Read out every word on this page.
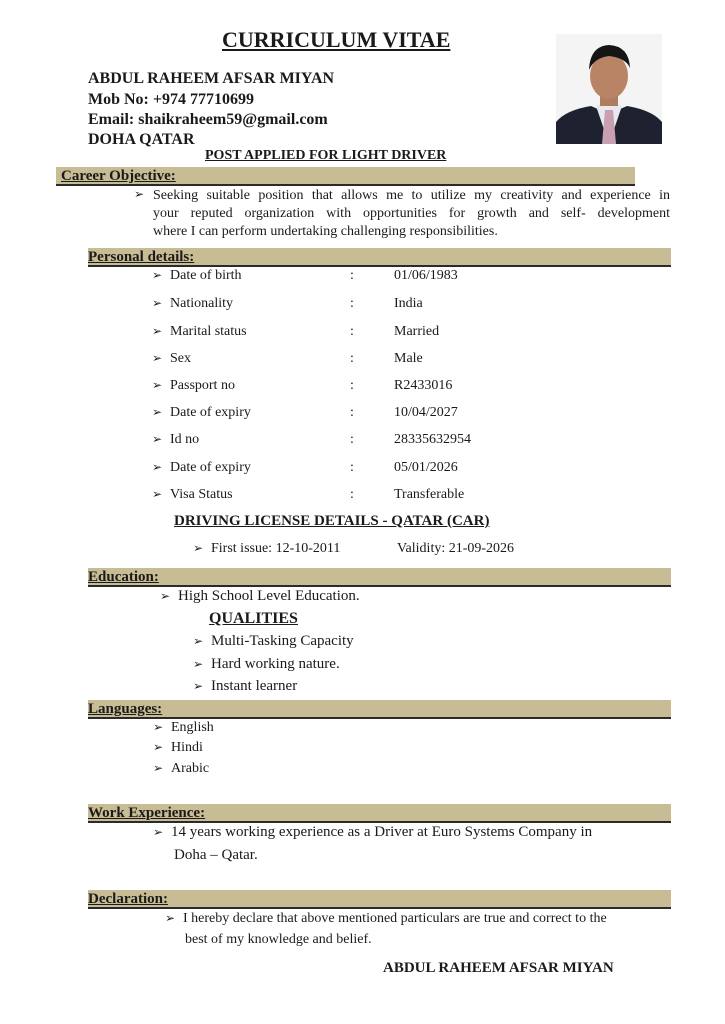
CURRICULUM VITAE
ABDUL RAHEEM AFSAR MIYAN
Mob No: +974 77710699
Email: shaikraheem59@gmail.com
DOHA QATAR
POST APPLIED FOR LIGHT DRIVER
Career Objective:
➢ Seeking suitable position that allows me to utilize my creativity and experience in
your reputed organization with opportunities for growth and self- development
where I can perform undertaking challenging responsibilities.
Personal details:
➢ Date of birth	:	01/06/1983
➢ Nationality	:	India
➢ Marital status	:	Married
➢ Sex	:	Male
➢ Passport no	:	R2433016
➢ Date of expiry	:	10/04/2027
➢ Id no	:	28335632954
➢ Date of expiry	:	05/01/2026
➢ Visa Status	:	Transferable
DRIVING LICENSE DETAILS - QATAR (CAR)
➢ First issue: 12-10-2011	Validity: 21-09-2026
Education:
➢ High School Level Education.
QUALITIES
➢ Multi-Tasking Capacity
➢ Hard working nature.
➢ Instant learner
Languages:
➢ English
➢ Hindi
➢ Arabic
Work Experience:
➢ 14 years working experience as a Driver at Euro Systems Company in
Doha – Qatar.
Declaration:
➢ I hereby declare that above mentioned particulars are true and correct to the
best of my knowledge and belief.
ABDUL RAHEEM AFSAR MIYAN
